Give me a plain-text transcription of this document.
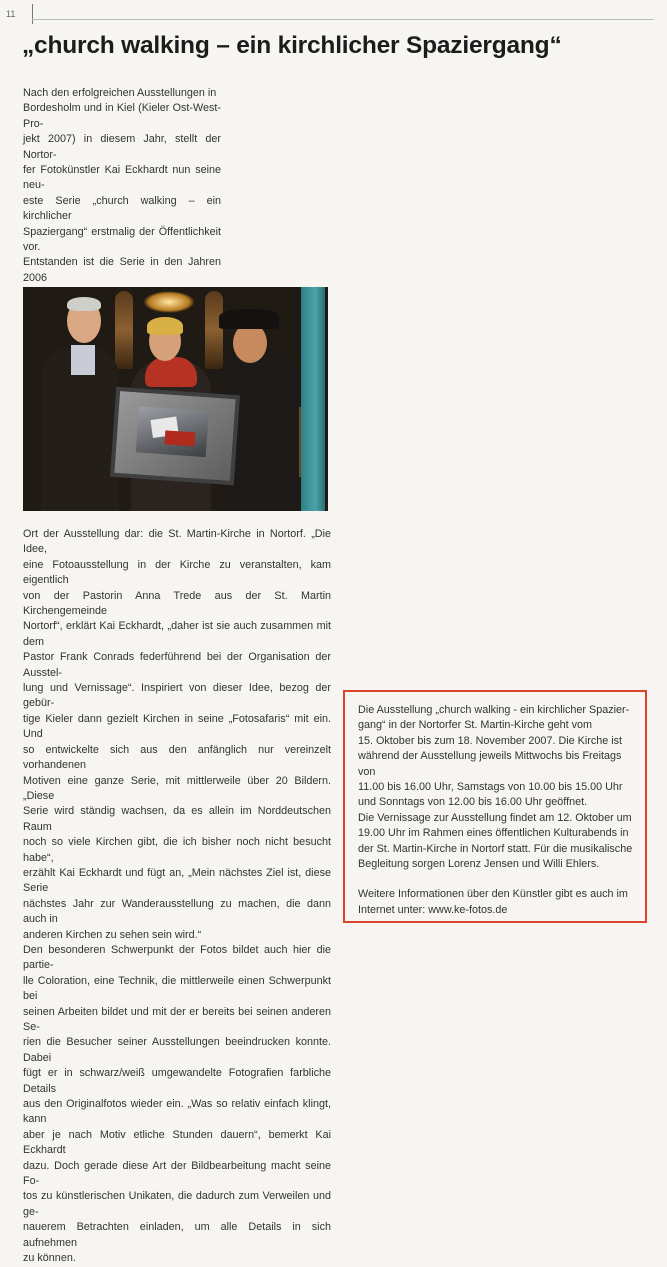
11
„church walking – ein kirchlicher Spaziergang“

Nach den erfolgreichen Ausstellungen in

Bordesholm und in Kiel (Kieler Ost-West-Pro-

jekt 2007) in diesem Jahr, stellt der Nortor-

fer Fotokünstler Kai Eckhardt nun seine neu-

este Serie „church walking – ein kirchlicher

Spaziergang“ erstmalig der Öffentlichkeit vor.

Entstanden ist die Serie in den Jahren 2006

Ort der Ausstellung dar: die St. Martin-Kirche in Nortorf. „Die Idee,

eine Fotoausstellung in der Kirche zu veranstalten, kam eigentlich

von der Pastorin Anna Trede aus der St. Martin Kirchengemeinde

Nortorf“, erklärt Kai Eckhardt, „daher ist sie auch zusammen mit dem

Pastor Frank Conrads federführend bei der Organisation der Ausstel-

lung und Vernissage“. Inspiriert von dieser Idee, bezog der gebür-

tige Kieler dann gezielt Kirchen in seine „Fotosafaris“ mit ein. Und

so entwickelte sich aus den anfänglich nur vereinzelt vorhandenen

Motiven eine ganze Serie, mit mittlerweile über 20 Bildern. „Diese

Serie wird ständig wachsen, da es allein im Norddeutschen Raum

noch so viele Kirchen gibt, die ich bisher noch nicht besucht habe“,

erzählt Kai Eckhardt und fügt an, „Mein nächstes Ziel ist, diese Serie

nächstes Jahr zur Wanderausstellung zu machen, die dann auch in

anderen Kirchen zu sehen sein wird.“

Den besonderen Schwerpunkt der Fotos bildet auch hier die partie-

lle Coloration, eine Technik, die mittlerweile einen Schwerpunkt bei

seinen Arbeiten bildet und mit der er bereits bei seinen anderen Se-

rien die Besucher seiner Ausstellungen beeindrucken konnte. Dabei

fügt er in schwarz/weiß umgewandelte Fotografien farbliche Details

aus den Originalfotos wieder ein. „Was so relativ einfach klingt, kann

aber je nach Motiv etliche Stunden dauern“, bemerkt Kai Eckhardt

dazu. Doch gerade diese Art der Bildbearbeitung macht seine Fo-

tos zu künstlerischen Unikaten, die dadurch zum Verweilen und ge-

nauerem Betrachten einladen, um alle Details in sich aufnehmen

zu können.

Die Ausstellung „church walking - ein kirchlicher Spazier-

gang“ in der Nortorfer St. Martin-Kirche geht vom

15. Oktober bis zum 18. November 2007. Die Kirche ist

während der Ausstellung jeweils Mittwochs bis Freitags von

11.00 bis 16.00 Uhr, Samstags von 10.00 bis 15.00 Uhr

und Sonntags von 12.00 bis 16.00 Uhr geöffnet.

Die Vernissage zur Ausstellung findet am 12. Oktober um

19.00 Uhr im Rahmen eines öffentlichen Kulturabends in

der St. Martin-Kirche in Nortorf statt. Für die musikalische

Begleitung sorgen Lorenz Jensen und Willi Ehlers.

Weitere Informationen über den Künstler gibt es auch im

Internet unter: www.ke-fotos.de
